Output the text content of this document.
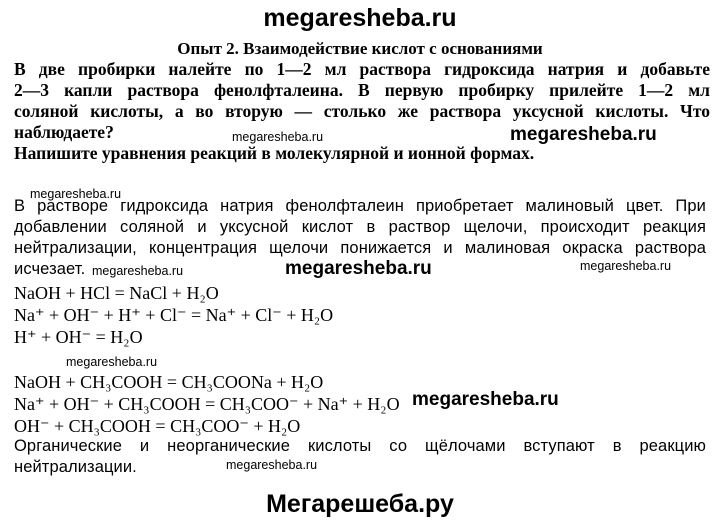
megaresheba.ru
Опыт 2. Взаимодействие кислот с основаниями
В две пробирки налейте по 1—2 мл раствора гидроксида натрия и добавьте
2—3 капли раствора фенолфталеина. В первую пробирку прилейте 1—2 мл
соляной кислоты, а во вторую — столько же раствора уксусной кислоты. Что
наблюдаете?
Напишите уравнения реакций в молекулярной и ионной формах.
megaresheba.ru
megaresheba.ru
megaresheba.ru
В растворе гидроксида натрия фенолфталеин приобретает малиновый цвет. При
добавлении соляной и уксусной кислот в раствор щелочи, происходит реакция
нейтрализации, концентрация щелочи понижается и малиновая окраска раствора
исчезает. megaresheba.ru	megaresheba.ru	megaresheba.ru
NaOH + HCl = NaCl + H₂O
Na⁺ + OH⁻ + H⁺ + Cl⁻ = Na⁺ + Cl⁻ + H₂O
H⁺ + OH⁻ = H₂O
megaresheba.ru
NaOH + CH₃COOH = CH₃COONa + H₂O
Na⁺ + OH⁻ + CH₃COOH = CH₃COO⁻ + Na⁺ + H₂O megaresheba.ru
OH⁻ + CH₃COOH = CH₃COO⁻ + H₂O
Органические и неорганические кислоты со щёлочами вступают в реакцию
нейтрализации.	megaresheba.ru
Мегарешеба.ру
